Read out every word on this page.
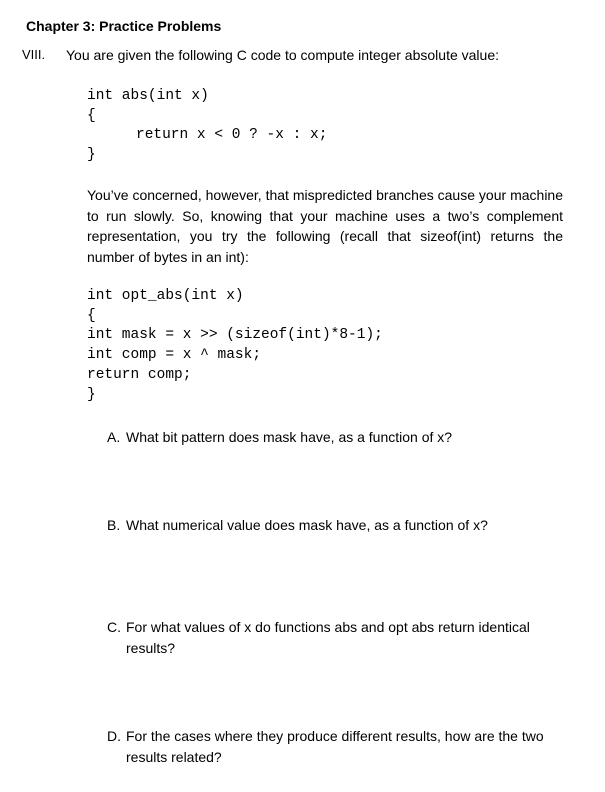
Chapter 3: Practice Problems
VIII. You are given the following C code to compute integer absolute value:
int abs(int x)
{
return x < 0 ? -x : x;
}
You’ve concerned, however, that mispredicted branches cause your machine to run slowly. So, knowing that your machine uses a two’s complement representation, you try the following (recall that sizeof(int) returns the number of bytes in an int):
int opt_abs(int x)
{
int mask = x >> (sizeof(int)*8-1);
int comp = x ^ mask;
return comp;
}
A. What bit pattern does mask have, as a function of x?
B. What numerical value does mask have, as a function of x?
C. For what values of x do functions abs and opt abs return identical
results?
D. For the cases where they produce different results, how are the two
results related?
